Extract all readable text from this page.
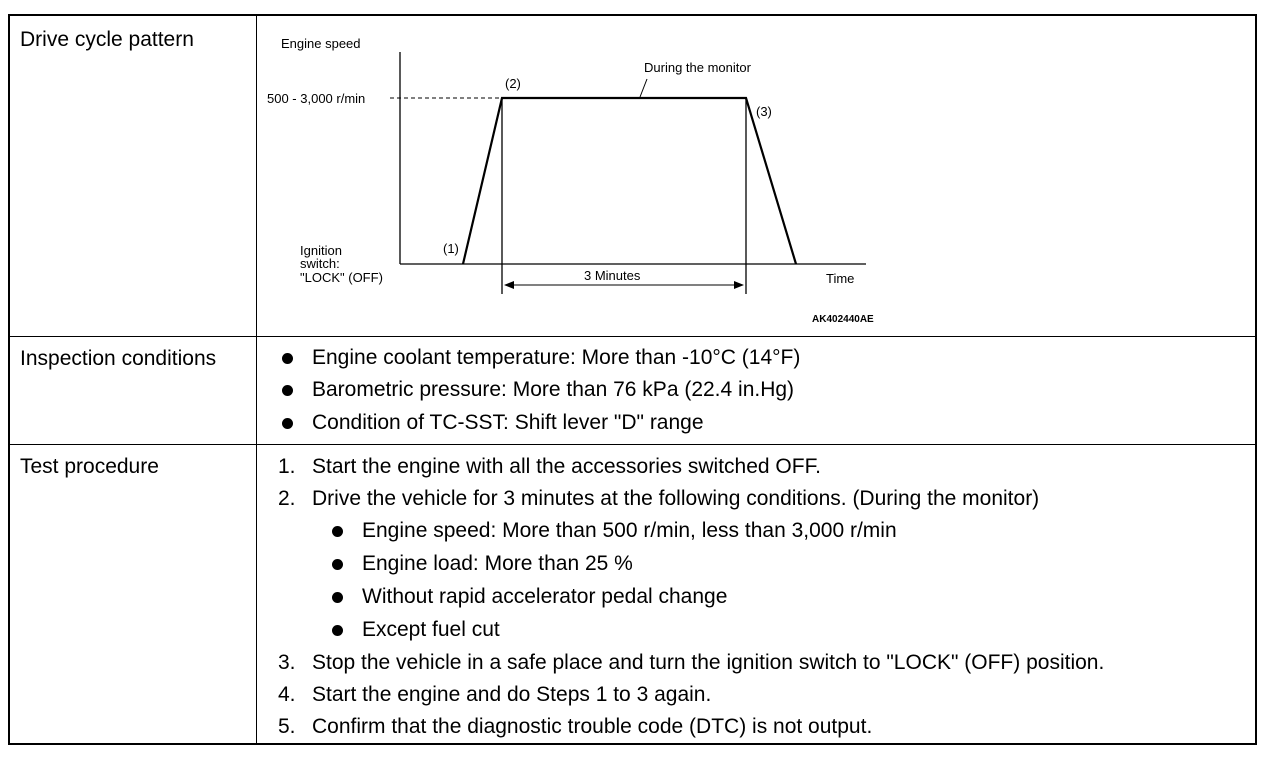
Drive cycle pattern	Engine speed
500 - 3,000 r/min
During the monitor
(1)
(2)
(3)
Ignition
switch:
"LOCK" (OFF)	3 Minutes	Time
AK402440AE
Inspection conditions	Engine coolant temperature: More than -10°C (14°F)
Barometric pressure: More than 76 kPa (22.4 in.Hg)
Condition of TC-SST: Shift lever "D" range
Test procedure	1. Start the engine with all the accessories switched OFF.
2. Drive the vehicle for 3 minutes at the following conditions. (During the monitor)
Engine speed: More than 500 r/min, less than 3,000 r/min
Engine load: More than 25 %
Without rapid accelerator pedal change
Except fuel cut
3. Stop the vehicle in a safe place and turn the ignition switch to "LOCK" (OFF) position.
4. Start the engine and do Steps 1 to 3 again.
5. Confirm that the diagnostic trouble code (DTC) is not output.
